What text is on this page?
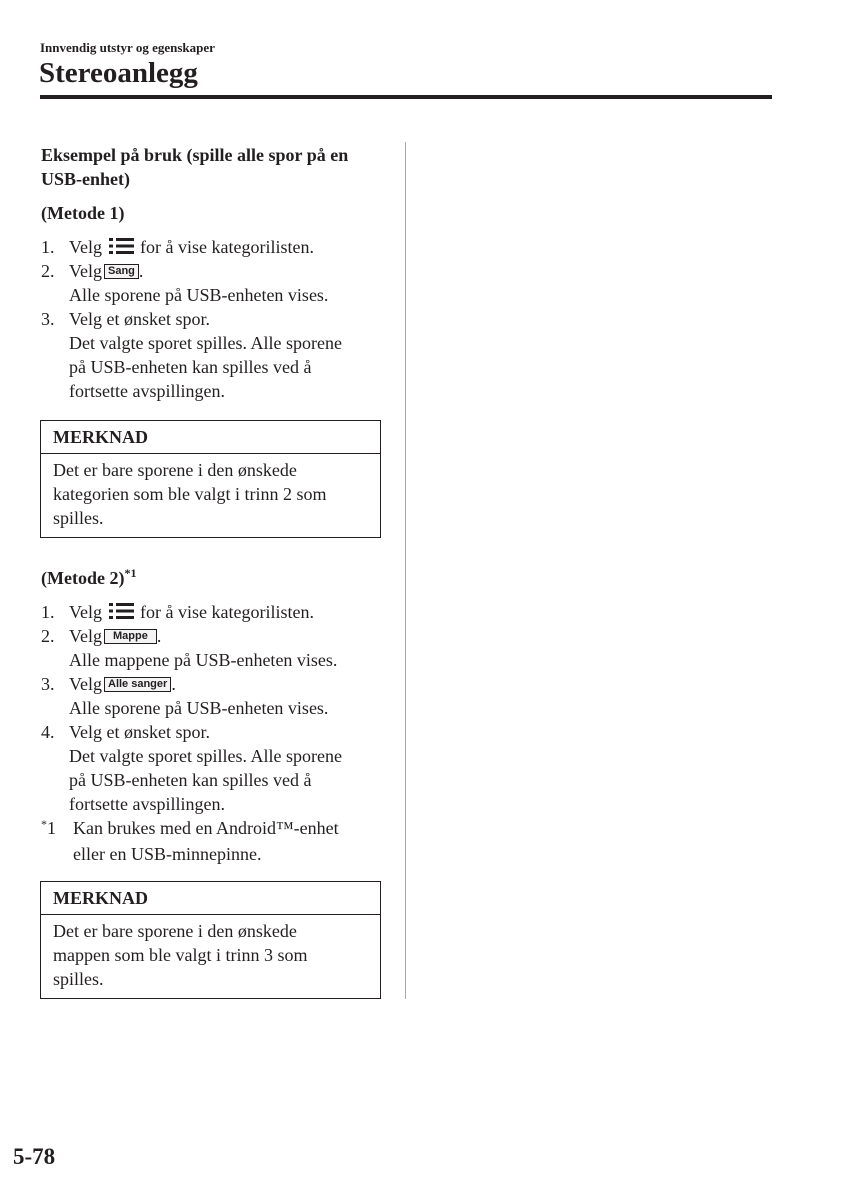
Innvendig utstyr og egenskaper
Stereoanlegg
Eksempel på bruk (spille alle spor på en USB-enhet)
(Metode 1)
1. Velg for å vise kategorilisten.
2. Velg Sang .
Alle sporene på USB-enheten vises.
3. Velg et ønsket spor.
Det valgte sporet spilles. Alle sporene
på USB-enheten kan spilles ved å
fortsette avspillingen.
MERKNAD
Det er bare sporene i den ønskede
kategorien som ble valgt i trinn 2 som
spilles.
(Metode 2)$^{*1}$
1. Velg for å vise kategorilisten.
2. Velg Mappe .
Alle mappene på USB-enheten vises.
3. Velg Alle sanger .
Alle sporene på USB-enheten vises.
4. Velg et ønsket spor.
Det valgte sporet spilles. Alle sporene
på USB-enheten kan spilles ved å
fortsette avspillingen.
*1 Kan brukes med en Android™-enhet
eller en USB-minnepinne.
MERKNAD
Det er bare sporene i den ønskede
mappen som ble valgt i trinn 3 som
spilles.
5-78
